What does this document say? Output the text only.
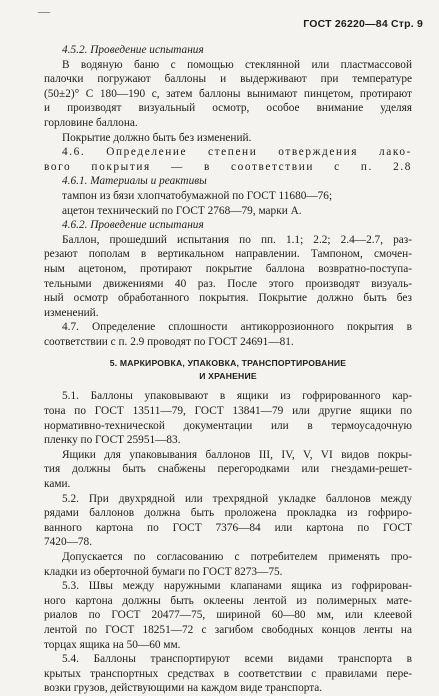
—
ГОСТ 26220—84 Стр. 9
4.5.2. Проведение испытания
В водяную баню с помощью стеклянной или пластмассовой
палочки погружают баллоны и выдерживают при температуре
(50±2)° С 180—190 с, затем баллоны вынимают пинцетом, протирают
и производят визуальный осмотр, особое внимание уделяя
горловине баллона.
Покрытие должно быть без изменений.
4.6. Определение степени отверждения лако-
вого покрытия — в соответствии с п. 2.8
4.6.1. Материалы и реактивы
тампон из бязи хлопчатобумажной по ГОСТ 11680—76;
ацетон технический по ГОСТ 2768—79, марки А.
4.6.2. Проведение испытания
Баллон, прошедший испытания по пп. 1.1; 2.2; 2.4—2.7, раз-
резают пополам в вертикальном направлении. Тампоном, смочен-
ным ацетоном, протирают покрытие баллона возвратно-поступа-
тельными движениями 40 раз. После этого производят визуаль-
ный осмотр обработанного покрытия. Покрытие должно быть без
изменений.
4.7. Определение сплошности антикоррозионного покрытия в
соответствии с п. 2.9 проводят по ГОСТ 24691—81.
5. МАРКИРОВКА, УПАКОВКА, ТРАНСПОРТИРОВАНИЕ
И ХРАНЕНИЕ
5.1. Баллоны упаковывают в ящики из гофрированного кар-
тона по ГОСТ 13511—79, ГОСТ 13841—79 или другие ящики по
нормативно-технической документации или в термоусадочную
пленку по ГОСТ 25951—83.
Ящики для упаковывания баллонов III, IV, V, VI видов покры-
тия должны быть снабжены перегородками или гнездами-решет-
ками.
5.2. При двухрядной или трехрядной укладке баллонов между
рядами баллонов должна быть проложена прокладка из гофриро-
ванного картона по ГОСТ 7376—84 или картона по ГОСТ
7420—78.
Допускается по согласованию с потребителем применять про-
кладки из оберточной бумаги по ГОСТ 8273—75.
5.3. Швы между наружными клапанами ящика из гофрирован-
ного картона должны быть оклеены лентой из полимерных мате-
риалов по ГОСТ 20477—75, шириной 60—80 мм, или клеевой
лентой по ГОСТ 18251—72 с загибом свободных концов ленты на
торцах ящика на 50—60 мм.
5.4. Баллоны транспортируют всеми видами транспорта в
крытых транспортных средствах в соответствии с правилами пере-
возки грузов, действующими на каждом виде транспорта.
